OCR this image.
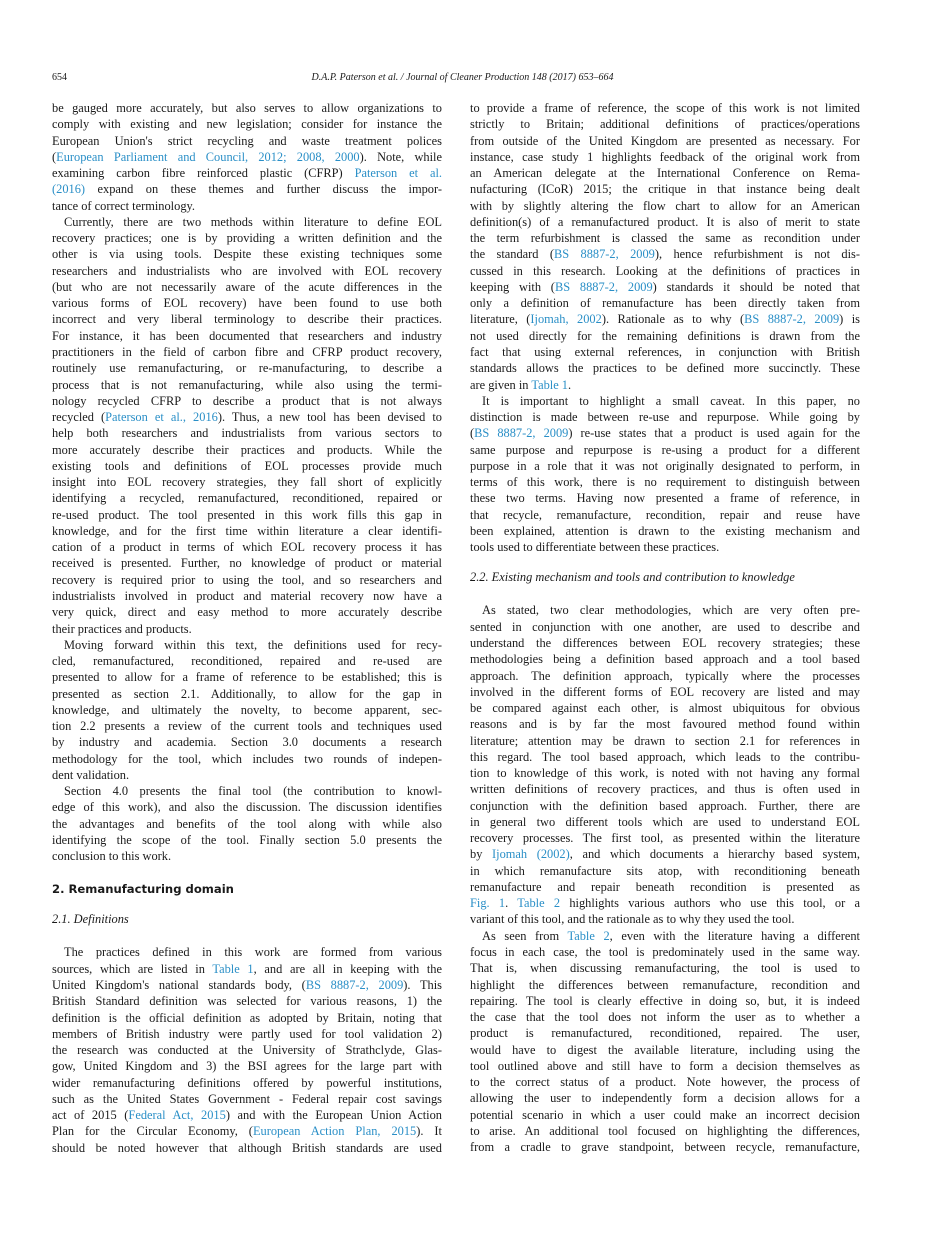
654	D.A.P. Paterson et al. / Journal of Cleaner Production 148 (2017) 653–664
be gauged more accurately, but also serves to allow organizations to
comply with existing and new legislation; consider for instance the
European Union's strict recycling and waste treatment polices
(European Parliament and Council, 2012; 2008, 2000). Note, while
examining carbon fibre reinforced plastic (CFRP) Paterson et al.
(2016) expand on these themes and further discuss the impor-
tance of correct terminology.
Currently, there are two methods within literature to define EOL
recovery practices; one is by providing a written definition and the
other is via using tools. Despite these existing techniques some
researchers and industrialists who are involved with EOL recovery
(but who are not necessarily aware of the acute differences in the
various forms of EOL recovery) have been found to use both
incorrect and very liberal terminology to describe their practices.
For instance, it has been documented that researchers and industry
practitioners in the field of carbon fibre and CFRP product recovery,
routinely use remanufacturing, or re-manufacturing, to describe a
process that is not remanufacturing, while also using the termi-
nology recycled CFRP to describe a product that is not always
recycled (Paterson et al., 2016). Thus, a new tool has been devised to
help both researchers and industrialists from various sectors to
more accurately describe their practices and products. While the
existing tools and definitions of EOL processes provide much
insight into EOL recovery strategies, they fall short of explicitly
identifying a recycled, remanufactured, reconditioned, repaired or
re-used product. The tool presented in this work fills this gap in
knowledge, and for the first time within literature a clear identifi-
cation of a product in terms of which EOL recovery process it has
received is presented. Further, no knowledge of product or material
recovery is required prior to using the tool, and so researchers and
industrialists involved in product and material recovery now have a
very quick, direct and easy method to more accurately describe
their practices and products.
Moving forward within this text, the definitions used for recy-
cled, remanufactured, reconditioned, repaired and re-used are
presented to allow for a frame of reference to be established; this is
presented as section 2.1. Additionally, to allow for the gap in
knowledge, and ultimately the novelty, to become apparent, sec-
tion 2.2 presents a review of the current tools and techniques used
by industry and academia. Section 3.0 documents a research
methodology for the tool, which includes two rounds of indepen-
dent validation.
Section 4.0 presents the final tool (the contribution to knowl-
edge of this work), and also the discussion. The discussion identifies
the advantages and benefits of the tool along with while also
identifying the scope of the tool. Finally section 5.0 presents the
conclusion to this work.
2. Remanufacturing domain
2.1. Definitions
The practices defined in this work are formed from various
sources, which are listed in Table 1, and are all in keeping with the
United Kingdom's national standards body, (BS 8887-2, 2009). This
British Standard definition was selected for various reasons, 1) the
definition is the official definition as adopted by Britain, noting that
members of British industry were partly used for tool validation 2)
the research was conducted at the University of Strathclyde, Glas-
gow, United Kingdom and 3) the BSI agrees for the large part with
wider remanufacturing definitions offered by powerful institutions,
such as the United States Government - Federal repair cost savings
act of 2015 (Federal Act, 2015) and with the European Union Action
Plan for the Circular Economy, (European Action Plan, 2015). It
should be noted however that although British standards are used
to provide a frame of reference, the scope of this work is not limited
strictly to Britain; additional definitions of practices/operations
from outside of the United Kingdom are presented as necessary. For
instance, case study 1 highlights feedback of the original work from
an American delegate at the International Conference on Rema-
nufacturing (ICoR) 2015; the critique in that instance being dealt
with by slightly altering the flow chart to allow for an American
definition(s) of a remanufactured product. It is also of merit to state
the term refurbishment is classed the same as recondition under
the standard (BS 8887-2, 2009), hence refurbishment is not dis-
cussed in this research. Looking at the definitions of practices in
keeping with (BS 8887-2, 2009) standards it should be noted that
only a definition of remanufacture has been directly taken from
literature, (Ijomah, 2002). Rationale as to why (BS 8887-2, 2009) is
not used directly for the remaining definitions is drawn from the
fact that using external references, in conjunction with British
standards allows the practices to be defined more succinctly. These
are given in Table 1.
It is important to highlight a small caveat. In this paper, no
distinction is made between re-use and repurpose. While going by
(BS 8887-2, 2009) re-use states that a product is used again for the
same purpose and repurpose is re-using a product for a different
purpose in a role that it was not originally designated to perform, in
terms of this work, there is no requirement to distinguish between
these two terms. Having now presented a frame of reference, in
that recycle, remanufacture, recondition, repair and reuse have
been explained, attention is drawn to the existing mechanism and
tools used to differentiate between these practices.
2.2. Existing mechanism and tools and contribution to knowledge
As stated, two clear methodologies, which are very often pre-
sented in conjunction with one another, are used to describe and
understand the differences between EOL recovery strategies; these
methodologies being a definition based approach and a tool based
approach. The definition approach, typically where the processes
involved in the different forms of EOL recovery are listed and may
be compared against each other, is almost ubiquitous for obvious
reasons and is by far the most favoured method found within
literature; attention may be drawn to section 2.1 for references in
this regard. The tool based approach, which leads to the contribu-
tion to knowledge of this work, is noted with not having any formal
written definitions of recovery practices, and thus is often used in
conjunction with the definition based approach. Further, there are
in general two different tools which are used to understand EOL
recovery processes. The first tool, as presented within the literature
by Ijomah (2002), and which documents a hierarchy based system,
in which remanufacture sits atop, with reconditioning beneath
remanufacture and repair beneath recondition is presented as
Fig. 1. Table 2 highlights various authors who use this tool, or a
variant of this tool, and the rationale as to why they used the tool.
As seen from Table 2, even with the literature having a different
focus in each case, the tool is predominately used in the same way.
That is, when discussing remanufacturing, the tool is used to
highlight the differences between remanufacture, recondition and
repairing. The tool is clearly effective in doing so, but, it is indeed
the case that the tool does not inform the user as to whether a
product is remanufactured, reconditioned, repaired. The user,
would have to digest the available literature, including using the
tool outlined above and still have to form a decision themselves as
to the correct status of a product. Note however, the process of
allowing the user to independently form a decision allows for a
potential scenario in which a user could make an incorrect decision
to arise. An additional tool focused on highlighting the differences,
from a cradle to grave standpoint, between recycle, remanufacture,
